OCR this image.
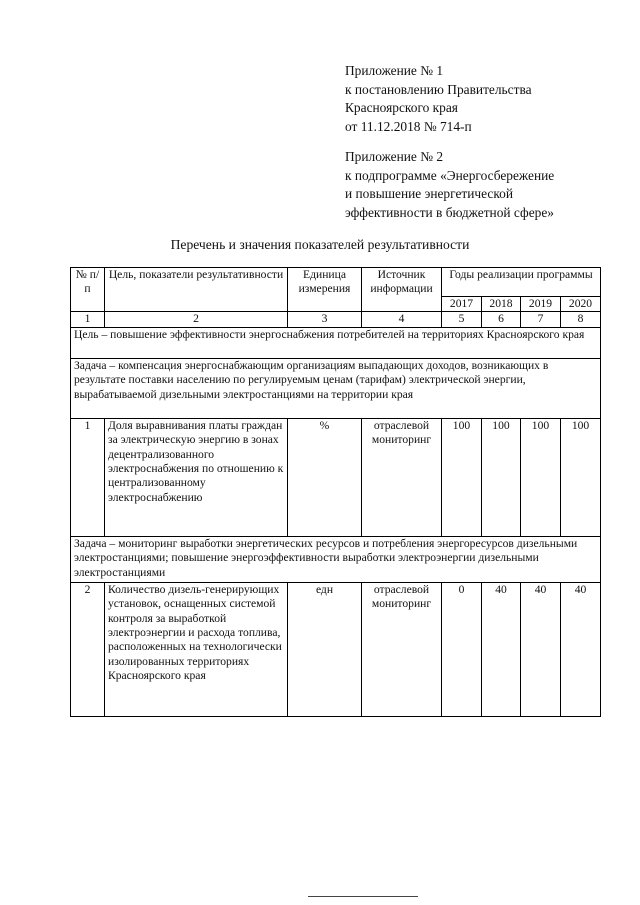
Приложение № 1
к постановлению Правительства
Красноярского края
от 11.12.2018 № 714-п
Приложение № 2
к подпрограмме «Энергосбережение
и повышение энергетической
эффективности в бюджетной сфере»
Перечень и значения показателей результативности
№ п/п	Цель, показатели результативности	Единица измерения	Источник информации	Годы реализации программы			
				2017	2018	2019	2020
1	2	3	4	5	6	7	8
Цель – повышение эффективности энергоснабжения потребителей на территориях Красноярского края							
Задача – компенсация энергоснабжающим организациям выпадающих доходов, возникающих в результате поставки населению по регулируемым ценам (тарифам) электрической энергии, вырабатываемой дизельными электростанциями на территории края							
1	Доля выравнивания платы граждан за электрическую энергию в зонах децентрализованного электроснабжения по отношению к централизованному электроснабжению	%	отраслевой мониторинг	100	100	100	100
Задача – мониторинг выработки энергетических ресурсов и потребления энергоресурсов дизельными электростанциями; повышение энергоэффективности выработки электроэнергии дизельными электростанциями							
2	Количество дизель-генерирующих установок, оснащенных системой контроля за выработкой электроэнергии и расхода топлива, расположенных на технологически изолированных территориях Красноярского края	едн	отраслевой мониторинг	0	40	40	40
